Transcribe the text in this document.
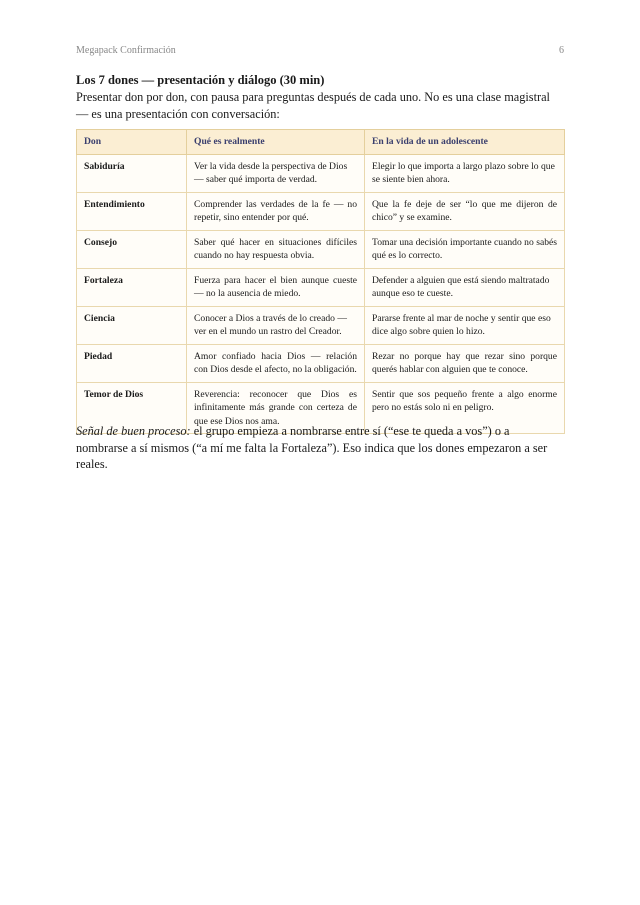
Megapack Confirmación	6
Los 7 dones — presentación y diálogo (30 min)
Presentar don por don, con pausa para preguntas después de cada uno. No es una clase magistral — es una presentación con conversación:
Don	Qué es realmente	En la vida de un adolescente
Sabiduría	Ver la vida desde la perspectiva de Dios — saber qué importa de verdad.	Elegir lo que importa a largo plazo sobre lo que se siente bien ahora.
Entendimiento	Comprender las verdades de la fe — no repetir, sino entender por qué.	Que la fe deje de ser “lo que me dijeron de chico” y se examine.
Consejo	Saber qué hacer en situaciones difíciles cuando no hay respuesta obvia.	Tomar una decisión importante cuando no sabés qué es lo correcto.
Fortaleza	Fuerza para hacer el bien aunque cueste — no la ausencia de miedo.	Defender a alguien que está siendo maltratado aunque eso te cueste.
Ciencia	Conocer a Dios a través de lo creado — ver en el mundo un rastro del Creador.	Pararse frente al mar de noche y sentir que eso dice algo sobre quien lo hizo.
Piedad	Amor confiado hacia Dios — relación con Dios desde el afecto, no la obligación.	Rezar no porque hay que rezar sino porque querés hablar con alguien que te conoce.
Temor de Dios	Reverencia: reconocer que Dios es infinitamente más grande con certeza de que ese Dios nos ama.	Sentir que sos pequeño frente a algo enorme pero no estás solo ni en peligro.
Señal de buen proceso: el grupo empieza a nombrarse entre sí (“ese te queda a vos”) o a nombrarse a sí mismos (“a mí me falta la Fortaleza”). Eso indica que los dones empezaron a ser reales.
